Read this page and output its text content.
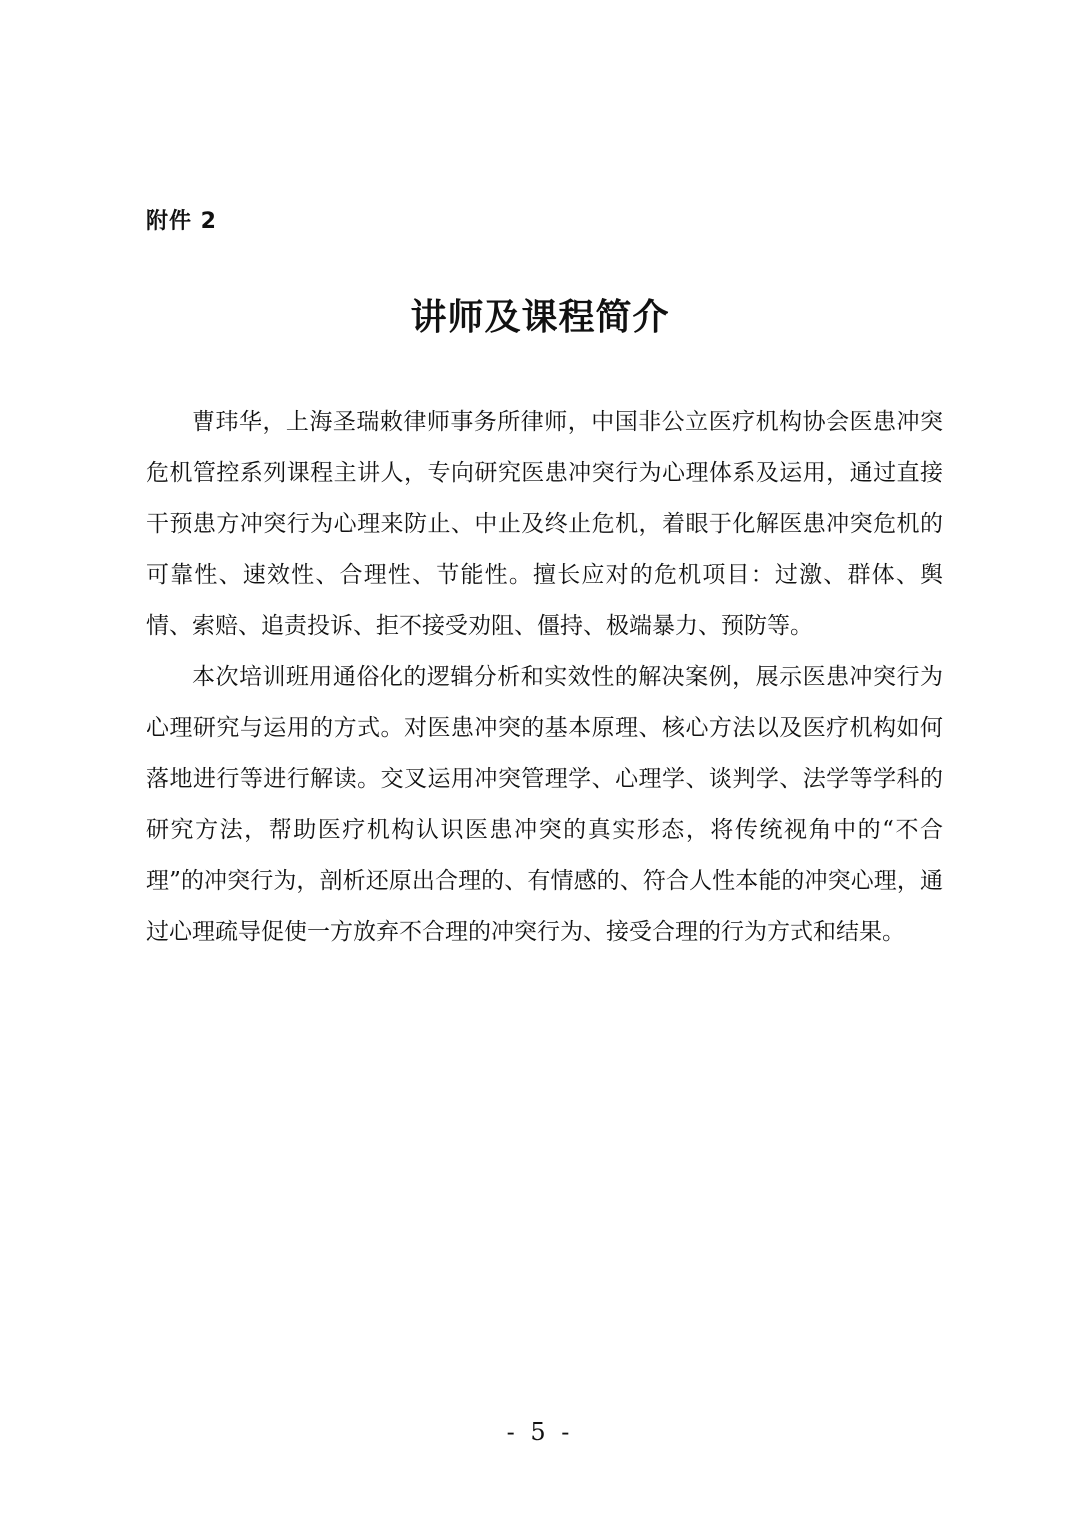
附件 2
讲师及课程简介

曹玮华，上海圣瑞敕律师事务所律师，中国非公立医疗机构协会医患冲突危机管控系列课程主讲人，专向研究医患冲突行为心理体系及运用，通过直接干预患方冲突行为心理来防止、中止及终止危机，着眼于化解医患冲突危机的可靠性、速效性、合理性、节能性。擅长应对的危机项目：过激、群体、舆情、索赔、追责投诉、拒不接受劝阻、僵持、极端暴力、预防等。

本次培训班用通俗化的逻辑分析和实效性的解决案例，展示医患冲突行为心理研究与运用的方式。对医患冲突的基本原理、核心方法以及医疗机构如何落地进行等进行解读。交叉运用冲突管理学、心理学、谈判学、法学等学科的研究方法，帮助医疗机构认识医患冲突的真实形态，将传统视角中的“不合理”的冲突行为，剖析还原出合理的、有情感的、符合人性本能的冲突心理，通过心理疏导促使一方放弃不合理的冲突行为、接受合理的行为方式和结果。

- 5 -
